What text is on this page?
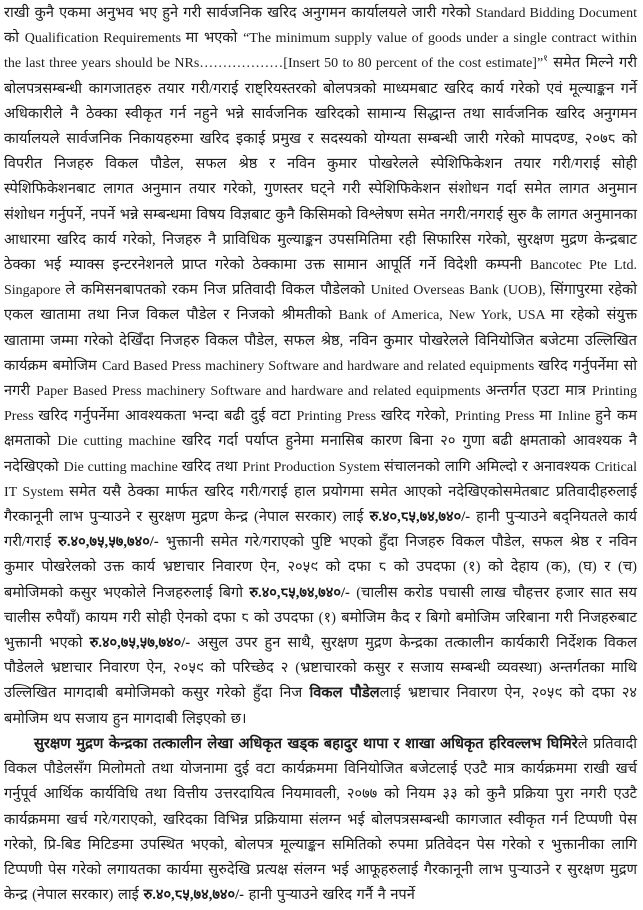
राखी कुनै एकमा अनुभव भए हुने गरी सार्वजनिक खरिद अनुगमन कार्यालयले जारी गरेको Standard Bidding Document को Qualification Requirements मा भएको “The minimum supply value of goods under a single contract within the last three years should be NRs………………[Insert 50 to 80 percent of the cost estimate]”$^१$ समेत मिल्ने गरी बोलपत्रसम्बन्धी कागजातहरु तयार गरी/गराई राष्ट्रियस्तरको बोलपत्रको माध्यमबाट खरिद कार्य गरेको एवं मूल्याङ्कन गर्ने अधिकारीले नै ठेक्का स्वीकृत गर्न नहुने भन्ने सार्वजनिक खरिदको सामान्य सिद्धान्त तथा सार्वजनिक खरिद अनुगमन कार्यालयले सार्वजनिक निकायहरुमा खरिद इकाई प्रमुख र सदस्यको योग्यता सम्बन्धी जारी गरेको मापदण्ड, २०७८ को विपरीत निजहरु विकल पौडेल, सफल श्रेष्ठ र नविन कुमार पोखरेलले स्पेशिफिकेशन तयार गरी/गराई सोही स्पेशिफिकेशनबाट लागत अनुमान तयार गरेको, गुणस्तर घट्ने गरी स्पेशिफिकेशन संशोधन गर्दा समेत लागत अनुमान संशोधन गर्नुपर्ने, नपर्ने भन्ने सम्बन्धमा विषय विज्ञबाट कुनै किसिमको विश्लेषण समेत नगरी/नगराई सुरु कै लागत अनुमानका आधारमा खरिद कार्य गरेको, निजहरु नै प्राविधिक मुल्याङ्कन उपसमितिमा रही सिफारिस गरेको, सुरक्षण मुद्रण केन्द्रबाट ठेक्का भई म्याक्स इन्टरनेशनले प्राप्त गरेको ठेक्कामा उक्त सामान आपूर्ति गर्ने विदेशी कम्पनी Bancotec Pte Ltd. Singapore ले कमिसनबापतको रकम निज प्रतिवादी विकल पौडेलको United Overseas Bank (UOB), सिंगापुरमा रहेको एकल खातामा तथा निज विकल पौडेल र निजको श्रीमतीको Bank of America, New York, USA मा रहेको संयुक्त खातामा जम्मा गरेको देखिँदा निजहरु विकल पौडेल, सफल श्रेष्ठ, नविन कुमार पोखरेलले विनियोजित बजेटमा उल्लिखित कार्यक्रम बमोजिम Card Based Press machinery Software and hardware and related equipments खरिद गर्नुपर्नेमा सो नगरी Paper Based Press machinery Software and hardware and related equipments अन्तर्गत एउटा मात्र Printing Press खरिद गर्नुपर्नेमा आवश्यकता भन्दा बढी दुई वटा Printing Press खरिद गरेको, Printing Press मा Inline हुने कम क्षमताको Die cutting machine खरिद गर्दा पर्याप्त हुनेमा मनासिब कारण बिना २० गुणा बढी क्षमताको आवश्यक नै नदेखिएको Die cutting machine खरिद तथा Print Production System संचालनको लागि अमिल्दो र अनावश्यक Critical IT System समेत यसै ठेक्का मार्फत खरिद गरी/गराई हाल प्रयोगमा समेत आएको नदेखिएकोसमेतबाट प्रतिवादीहरुलाई गैरकानूनी लाभ पुऱ्याउने र सुरक्षण मुद्रण केन्द्र (नेपाल सरकार) लाई रु.४०,८५,७४,७४०/- हानी पुऱ्याउने बद्नियतले कार्य गरी/गराई रु.४०,७५,५७,७४०/- भुक्तानी समेत गरे/गराएको पुष्टि भएको हुँदा निजहरु विकल पौडेल, सफल श्रेष्ठ र नविन कुमार पोखरेलको उक्त कार्य भ्रष्टाचार निवारण ऐन, २०५९ को दफा ८ को उपदफा (१) को देहाय (क), (घ) र (च) बमोजिमको कसुर भएकोले निजहरुलाई बिगो रु.४०,८५,७४,७४०/- (चालीस करोड पचासी लाख चौहत्तर हजार सात सय चालीस रुपैयाँ) कायम गरी सोही ऐनको दफा ८ को उपदफा (१) बमोजिम कैद र बिगो बमोजिम जरिबाना गरी निजहरुबाट भुक्तानी भएको रु.४०,७५,५७,७४०/- असुल उपर हुन साथै, सुरक्षण मुद्रण केन्द्रका तत्कालीन कार्यकारी निर्देशक विकल पौडेलले भ्रष्टाचार निवारण ऐन, २०५९ को परिच्छेद २ (भ्रष्टाचारको कसुर र सजाय सम्बन्धी व्यवस्था) अन्तर्गतका माथि उल्लिखित मागदाबी बमोजिमको कसुर गरेको हुँदा निज विकल पौडेललाई भ्रष्टाचार निवारण ऐन, २०५९ को दफा २४ बमोजिम थप सजाय हुन मागदाबी लिइएको छ।

सुरक्षण मुद्रण केन्द्रका तत्कालीन लेखा अधिकृत खड्क बहादुर थापा र शाखा अधिकृत हरिवल्लभ घिमिरेले प्रतिवादी विकल पौडेलसँग मिलोमतो तथा योजनामा दुई वटा कार्यक्रममा विनियोजित बजेटलाई एउटै मात्र कार्यक्रममा राखी खर्च गर्नुपूर्व आर्थिक कार्यविधि तथा वित्तीय उत्तरदायित्व नियमावली, २०७७ को नियम ३३ को कुनै प्रक्रिया पुरा नगरी एउटै कार्यक्रममा खर्च गरे/गराएको, खरिदका विभिन्न प्रक्रियामा संलग्न भई बोलपत्रसम्बन्धी कागजात स्वीकृत गर्न टिप्पणी पेस गरेको, प्रि-बिड मिटिङमा उपस्थित भएको, बोलपत्र मूल्याङ्कन समितिको रुपमा प्रतिवेदन पेस गरेको र भुक्तानीका लागि टिप्पणी पेस गरेको लगायतका कार्यमा सुरुदेखि प्रत्यक्ष संलग्न भई आफूहरुलाई गैरकानूनी लाभ पुऱ्याउने र सुरक्षण मुद्रण केन्द्र (नेपाल सरकार) लाई रु.४०,८५,७४,७४०/- हानी पुऱ्याउने खरिद गर्नै नै नपर्ने
